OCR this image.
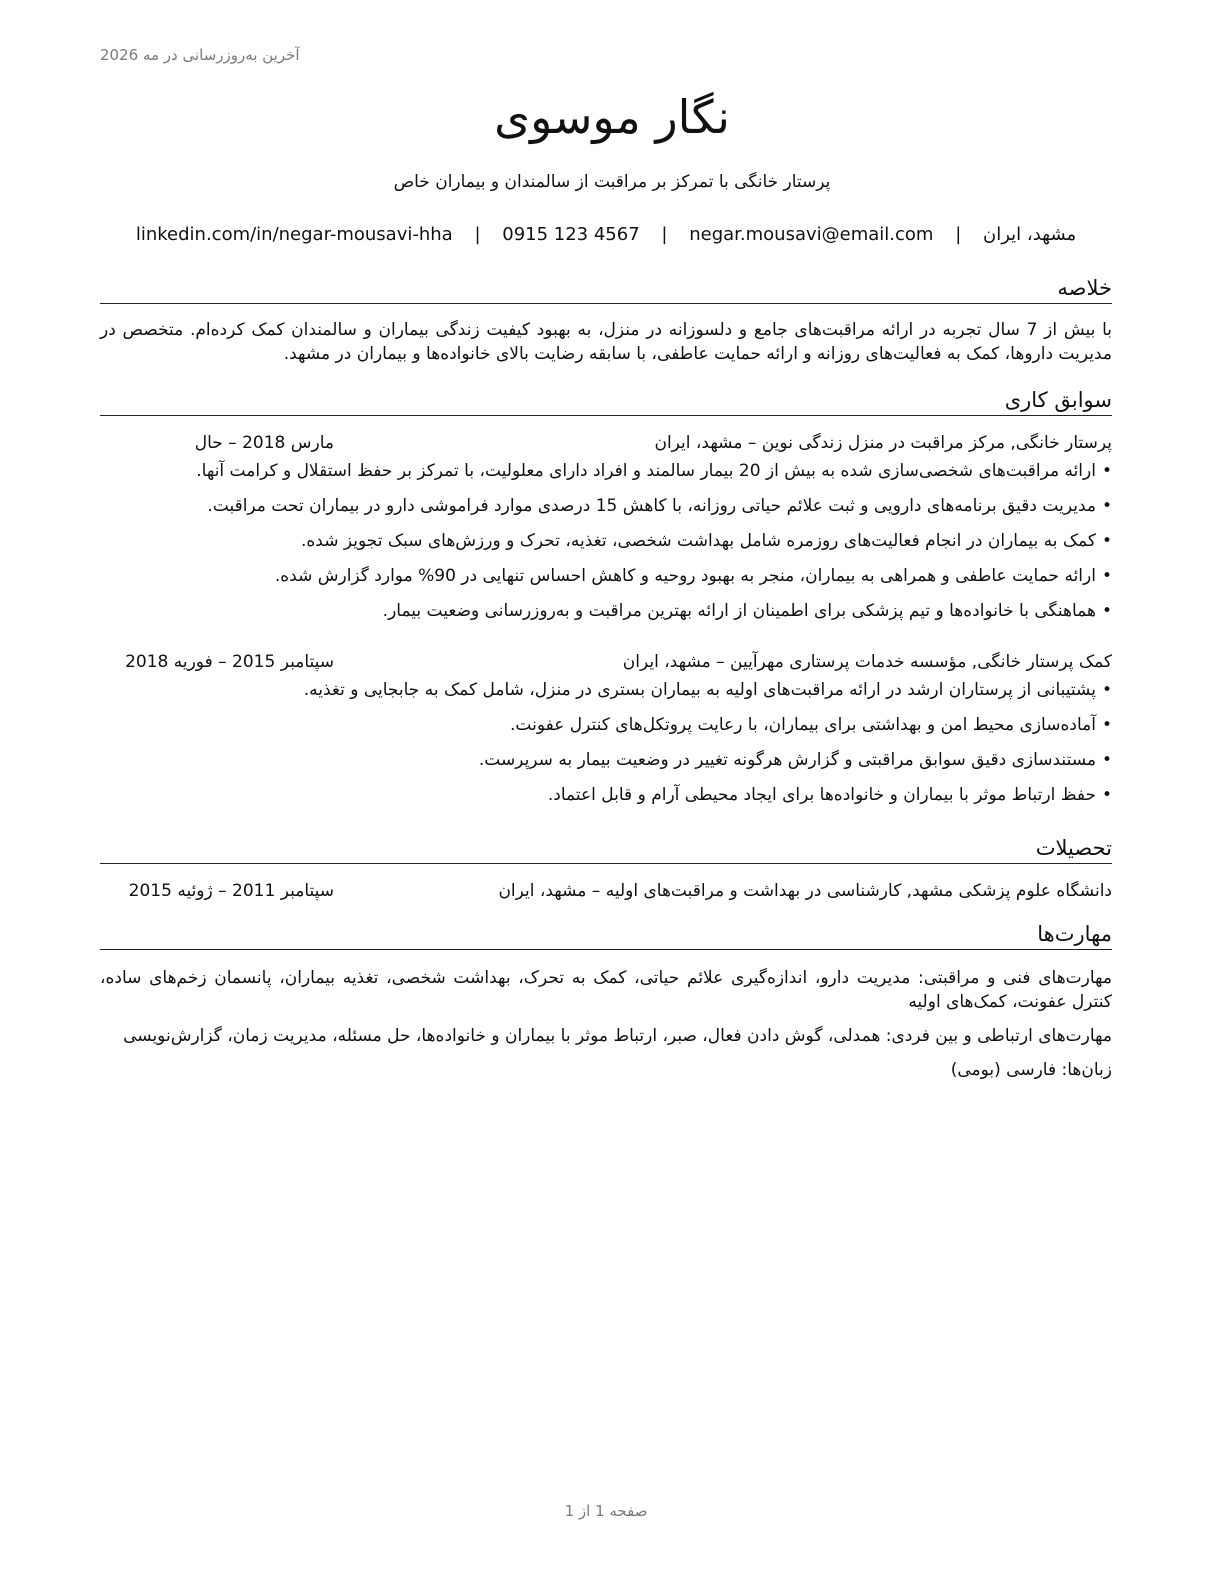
آخرین به‌روزرسانی در مه 2026
نگار موسوی
پرستار خانگی با تمرکز بر مراقبت از سالمندان و بیماران خاص
مشهد، ایران | negar.mousavi@email.com | 0915 123 4567 | linkedin.com/in/negar-mousavi-hha
خلاصه

با بیش از 7 سال تجربه در ارائه مراقبت‌های جامع و دلسوزانه در منزل، به بهبود کیفیت زندگی بیماران و سالمندان کمک کرده‌ام. متخصص در مدیریت داروها، کمک به فعالیت‌های روزانه و ارائه حمایت عاطفی، با سابقه رضایت بالای خانواده‌ها و بیماران در مشهد.

سوابق کاری
پرستار خانگی, مرکز مراقبت در منزل زندگی نوین – مشهد، ایران
مارس 2018 – حال
•ارائه مراقبت‌های شخصی‌سازی شده به بیش از 20 بیمار سالمند و افراد دارای معلولیت، با تمرکز بر حفظ استقلال و کرامت آنها.
•مدیریت دقیق برنامه‌های دارویی و ثبت علائم حیاتی روزانه، با کاهش 15 درصدی موارد فراموشی دارو در بیماران تحت مراقبت.
•کمک به بیماران در انجام فعالیت‌های روزمره شامل بهداشت شخصی، تغذیه، تحرک و ورزش‌های سبک تجویز شده.
•ارائه حمایت عاطفی و همراهی به بیماران، منجر به بهبود روحیه و کاهش احساس تنهایی در 90% موارد گزارش شده.
•هماهنگی با خانواده‌ها و تیم پزشکی برای اطمینان از ارائه بهترین مراقبت و به‌روزرسانی وضعیت بیمار.
کمک پرستار خانگی, مؤسسه خدمات پرستاری مهرآیین – مشهد، ایران
سپتامبر 2015 – فوریه 2018
•پشتیبانی از پرستاران ارشد در ارائه مراقبت‌های اولیه به بیماران بستری در منزل، شامل کمک به جابجایی و تغذیه.
•آماده‌سازی محیط امن و بهداشتی برای بیماران، با رعایت پروتکل‌های کنترل عفونت.
•مستندسازی دقیق سوابق مراقبتی و گزارش هرگونه تغییر در وضعیت بیمار به سرپرست.
•حفظ ارتباط موثر با بیماران و خانواده‌ها برای ایجاد محیطی آرام و قابل اعتماد.
تحصیلات
دانشگاه علوم پزشکی مشهد, کارشناسی در بهداشت و مراقبت‌های اولیه – مشهد، ایران
سپتامبر 2011 – ژوئیه 2015
مهارت‌ها

مهارت‌های فنی و مراقبتی: مدیریت دارو، اندازه‌گیری علائم حیاتی، کمک به تحرک، بهداشت شخصی، تغذیه بیماران، پانسمان زخم‌های ساده، کنترل عفونت، کمک‌های اولیه

مهارت‌های ارتباطی و بین فردی: همدلی، گوش دادن فعال، صبر، ارتباط موثر با بیماران و خانواده‌ها، حل مسئله، مدیریت زمان، گزارش‌نویسی

زبان‌ها: فارسی (بومی)

صفحه 1 از 1
